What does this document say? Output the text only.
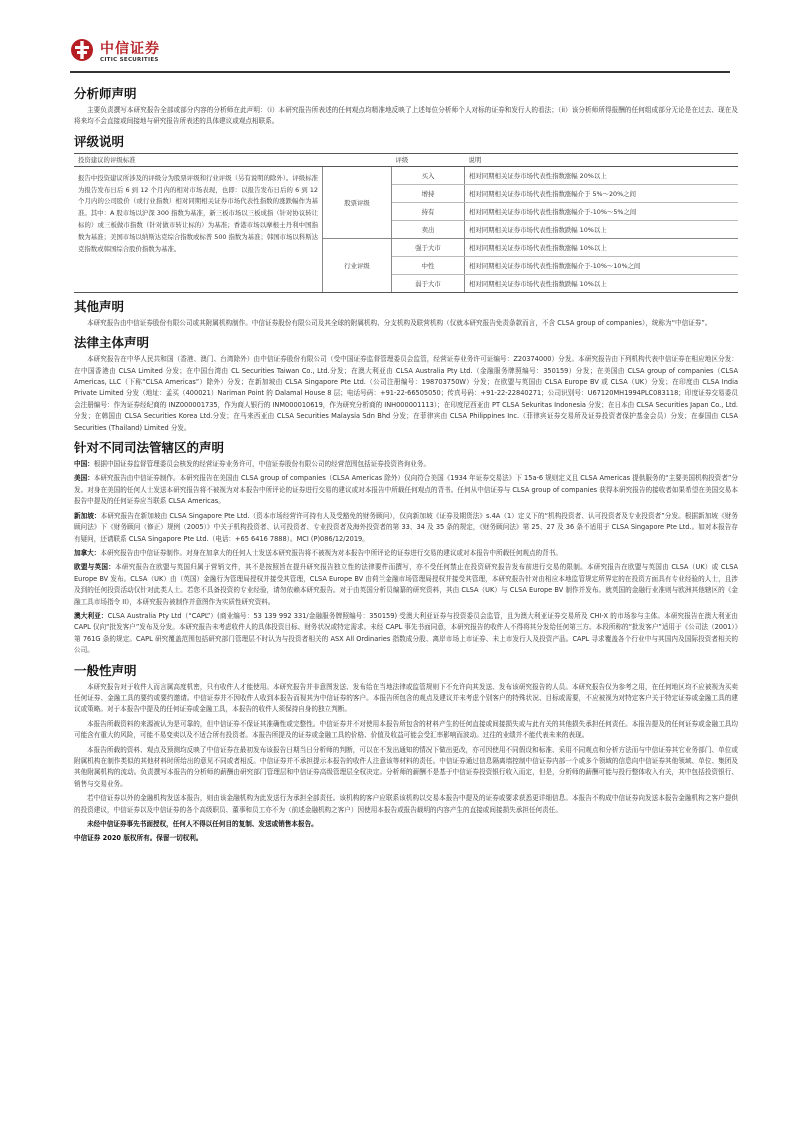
中信证券
CITIC SECURITIES
分析师声明

主要负责撰写本研究报告全部或部分内容的分析师在此声明：（i）本研究报告所表述的任何观点均精准地反映了上述每位分析师个人对标的证券和发行人的看法；（ii）该分析师所得报酬的任何组成部分无论是在过去、现在及将来均不会直接或间接地与研究报告所表述的具体建议或观点相联系。

评级说明
投资建议的评级标准		评级	说明
报告中投资建议所涉及的评级分为股票评级和行业评级（另有说明的除外）。评级标准为报告发布日后 6 到 12 个月内的相对市场表现，也即：以报告发布日后的 6 到 12 个月内的公司股价（或行业指数）相对同期相关证券市场代表性指数的涨跌幅作为基准。其中：A 股市场以沪深 300 指数为基准，新三板市场以三板成指（针对协议转让标的）或三板做市指数（针对做市转让标的）为基准；香港市场以摩根士丹利中国指数为基准；美国市场以纳斯达克综合指数或标普 500 指数为基准；韩国市场以科斯达克指数或韩国综合股价指数为基准。	股票评级	买入	相对同期相关证券市场代表性指数涨幅 20%以上
		增持	相对同期相关证券市场代表性指数涨幅介于 5%～20%之间
		持有	相对同期相关证券市场代表性指数涨幅介于-10%～5%之间
		卖出	相对同期相关证券市场代表性指数跌幅 10%以上
	行业评级	强于大市	相对同期相关证券市场代表性指数涨幅 10%以上
		中性	相对同期相关证券市场代表性指数涨幅介于-10%～10%之间
		弱于大市	相对同期相关证券市场代表性指数跌幅 10%以上
其他声明

本研究报告由中信证券股份有限公司或其附属机构制作。中信证券股份有限公司及其全球的附属机构、分支机构及联营机构（仅就本研究报告免责条款而言，不含 CLSA group of companies），统称为“中信证券”。

法律主体声明

本研究报告在中华人民共和国（香港、澳门、台湾除外）由中信证券股份有限公司（受中国证券监督管理委员会监管，经营证券业务许可证编号：Z20374000）分发。本研究报告由下列机构代表中信证券在相应地区分发：在中国香港由 CLSA Limited 分发；在中国台湾由 CL Securities Taiwan Co., Ltd.分发；在澳大利亚由 CLSA Australia Pty Ltd.（金融服务牌照编号：350159）分发；在美国由 CLSA group of companies（CLSA Americas, LLC（下称“CLSA Americas”）除外）分发；在新加坡由 CLSA Singapore Pte Ltd.（公司注册编号：198703750W）分发；在欧盟与英国由 CLSA Europe BV 或 CLSA（UK）分发；在印度由 CLSA India Private Limited 分发（地址：孟买（400021）Nariman Point 的 Dalamal House 8 层；电话号码：+91-22-66505050；传真号码：+91-22-22840271；公司识别号：U67120MH1994PLC083118；印度证券交易委员会注册编号：作为证券经纪商的 INZ000001735，作为商人银行的 INM000010619，作为研究分析商的 INH000001113）；在印度尼西亚由 PT CLSA Sekuritas Indonesia 分发；在日本由 CLSA Securities Japan Co., Ltd.分发；在韩国由 CLSA Securities Korea Ltd.分发；在马来西亚由 CLSA Securities Malaysia Sdn Bhd 分发；在菲律宾由 CLSA Philippines Inc.（菲律宾证券交易所及证券投资者保护基金会员）分发；在泰国由 CLSA Securities (Thailand) Limited 分发。

针对不同司法管辖区的声明

中国：根据中国证券监督管理委员会核发的经营证券业务许可，中信证券股份有限公司的经营范围包括证券投资咨询业务。

美国：本研究报告由中信证券制作。本研究报告在美国由 CLSA group of companies（CLSA Americas 除外）仅向符合美国《1934 年证券交易法》下 15a-6 规则定义且 CLSA Americas 提供服务的“主要美国机构投资者”分发。对身在美国的任何人士发送本研究报告将不被视为对本报告中所评论的证券进行交易的建议或对本报告中所载任何观点的背书。任何从中信证券与 CLSA group of companies 获得本研究报告的接收者如果希望在美国交易本报告中提及的任何证券应当联系 CLSA Americas。

新加坡：本研究报告在新加坡由 CLSA Singapore Pte Ltd.（资本市场经营许可持有人及受豁免的财务顾问），仅向新加坡《证券及期货法》s.4A（1）定义下的“机构投资者、认可投资者及专业投资者”分发。根据新加坡《财务顾问法》下《财务顾问（修正）规例（2005）》中关于机构投资者、认可投资者、专业投资者及海外投资者的第 33、34 及 35 条的规定，《财务顾问法》第 25、27 及 36 条不适用于 CLSA Singapore Pte Ltd.。如对本报告存有疑问，还请联系 CLSA Singapore Pte Ltd.（电话：+65 6416 7888）。MCI (P)086/12/2019。

加拿大：本研究报告由中信证券制作。对身在加拿大的任何人士发送本研究报告将不被视为对本报告中所评论的证券进行交易的建议或对本报告中所载任何观点的背书。

欧盟与英国：本研究报告在欧盟与英国归属于营销文件，其不是按照旨在提升研究报告独立性的法律要件而撰写，亦不受任何禁止在投资研究报告发布前进行交易的限制。本研究报告在欧盟与英国由 CLSA（UK）或 CLSA Europe BV 发布。CLSA（UK）由（英国）金融行为管理局授权并接受其管理，CLSA Europe BV 由荷兰金融市场管理局授权并接受其管理，本研究报告针对由相应本地监管规定所界定的在投资方面具有专业经验的人士，且涉及到的任何投资活动仅针对此类人士。若您不具备投资的专业经验，请勿依赖本研究报告。对于由英国分析员编纂的研究资料，其由 CLSA（UK）与 CLSA Europe BV 制作并发布。就英国的金融行业准则与欧洲其他辖区的《金融工具市场指令 II》，本研究报告被制作并意图作为实质性研究资料。

澳大利亚：CLSA Australia Pty Ltd（“CAPL”）(商业编号：53 139 992 331/金融服务牌照编号：350159) 受澳大利亚证券与投资委员会监管，且为澳大利亚证券交易所及 CHI-X 的市场参与主体。本研究报告在澳大利亚由 CAPL 仅向“批发客户”发布及分发。本研究报告未考虑收件人的具体投资目标、财务状况或特定需求。未经 CAPL 事先书面同意，本研究报告的收件人不得将其分发给任何第三方。本段所称的“批发客户”适用于《公司法（2001）》第 761G 条的规定。CAPL 研究覆盖范围包括研究部门管理层不时认为与投资者相关的 ASX All Ordinaries 指数成分股、离岸市场上市证券、未上市发行人及投资产品。CAPL 寻求覆盖各个行业中与其国内及国际投资者相关的公司。

一般性声明

本研究报告对于收件人而言属高度机密，只有收件人才能使用。本研究报告并非意图发送、发布给在当地法律或监管规则下不允许向其发送、发布该研究报告的人员。本研究报告仅为参考之用，在任何地区均不应被视为买卖任何证券、金融工具的要约或要约邀请。中信证券并不因收件人收到本报告而视其为中信证券的客户。本报告所包含的观点及建议并未考虑个别客户的特殊状况、目标或需要，不应被视为对特定客户关于特定证券或金融工具的建议或策略。对于本报告中提及的任何证券或金融工具，本报告的收件人须保持自身的独立判断。

本报告所载资料的来源被认为是可靠的，但中信证券不保证其准确性或完整性。中信证券并不对使用本报告所包含的材料产生的任何直接或间接损失或与此有关的其他损失承担任何责任。本报告提及的任何证券或金融工具均可能含有重大的风险，可能不易变卖以及不适合所有投资者。本报告所提及的证券或金融工具的价格、价值及收益可能会受汇率影响而波动。过往的业绩并不能代表未来的表现。

本报告所载的资料、观点及预测均反映了中信证券在最初发布该报告日期当日分析师的判断，可以在不发出通知的情况下做出更改，亦可因使用不同假设和标准、采用不同观点和分析方法而与中信证券其它业务部门、单位或附属机构在制作类似的其他材料时所给出的意见不同或者相反。中信证券并不承担提示本报告的收件人注意该等材料的责任。中信证券通过信息隔离墙控制中信证券内部一个或多个领域的信息向中信证券其他领域、单位、集团及其他附属机构的流动。负责撰写本报告的分析师的薪酬由研究部门管理层和中信证券高级管理层全权决定。分析师的薪酬不是基于中信证券投资银行收入而定，但是，分析师的薪酬可能与投行整体收入有关，其中包括投资银行、销售与交易业务。

若中信证券以外的金融机构发送本报告，则由该金融机构为此发送行为承担全部责任。该机构的客户应联系该机构以交易本报告中提及的证券或要求获悉更详细信息。本报告不构成中信证券向发送本报告金融机构之客户提供的投资建议，中信证券以及中信证券的各个高级职员、董事和员工亦不为（前述金融机构之客户）因使用本报告或报告载明的内容产生的直接或间接损失承担任何责任。

未经中信证券事先书面授权，任何人不得以任何目的复制、发送或销售本报告。

中信证券 2020 版权所有。保留一切权利。
